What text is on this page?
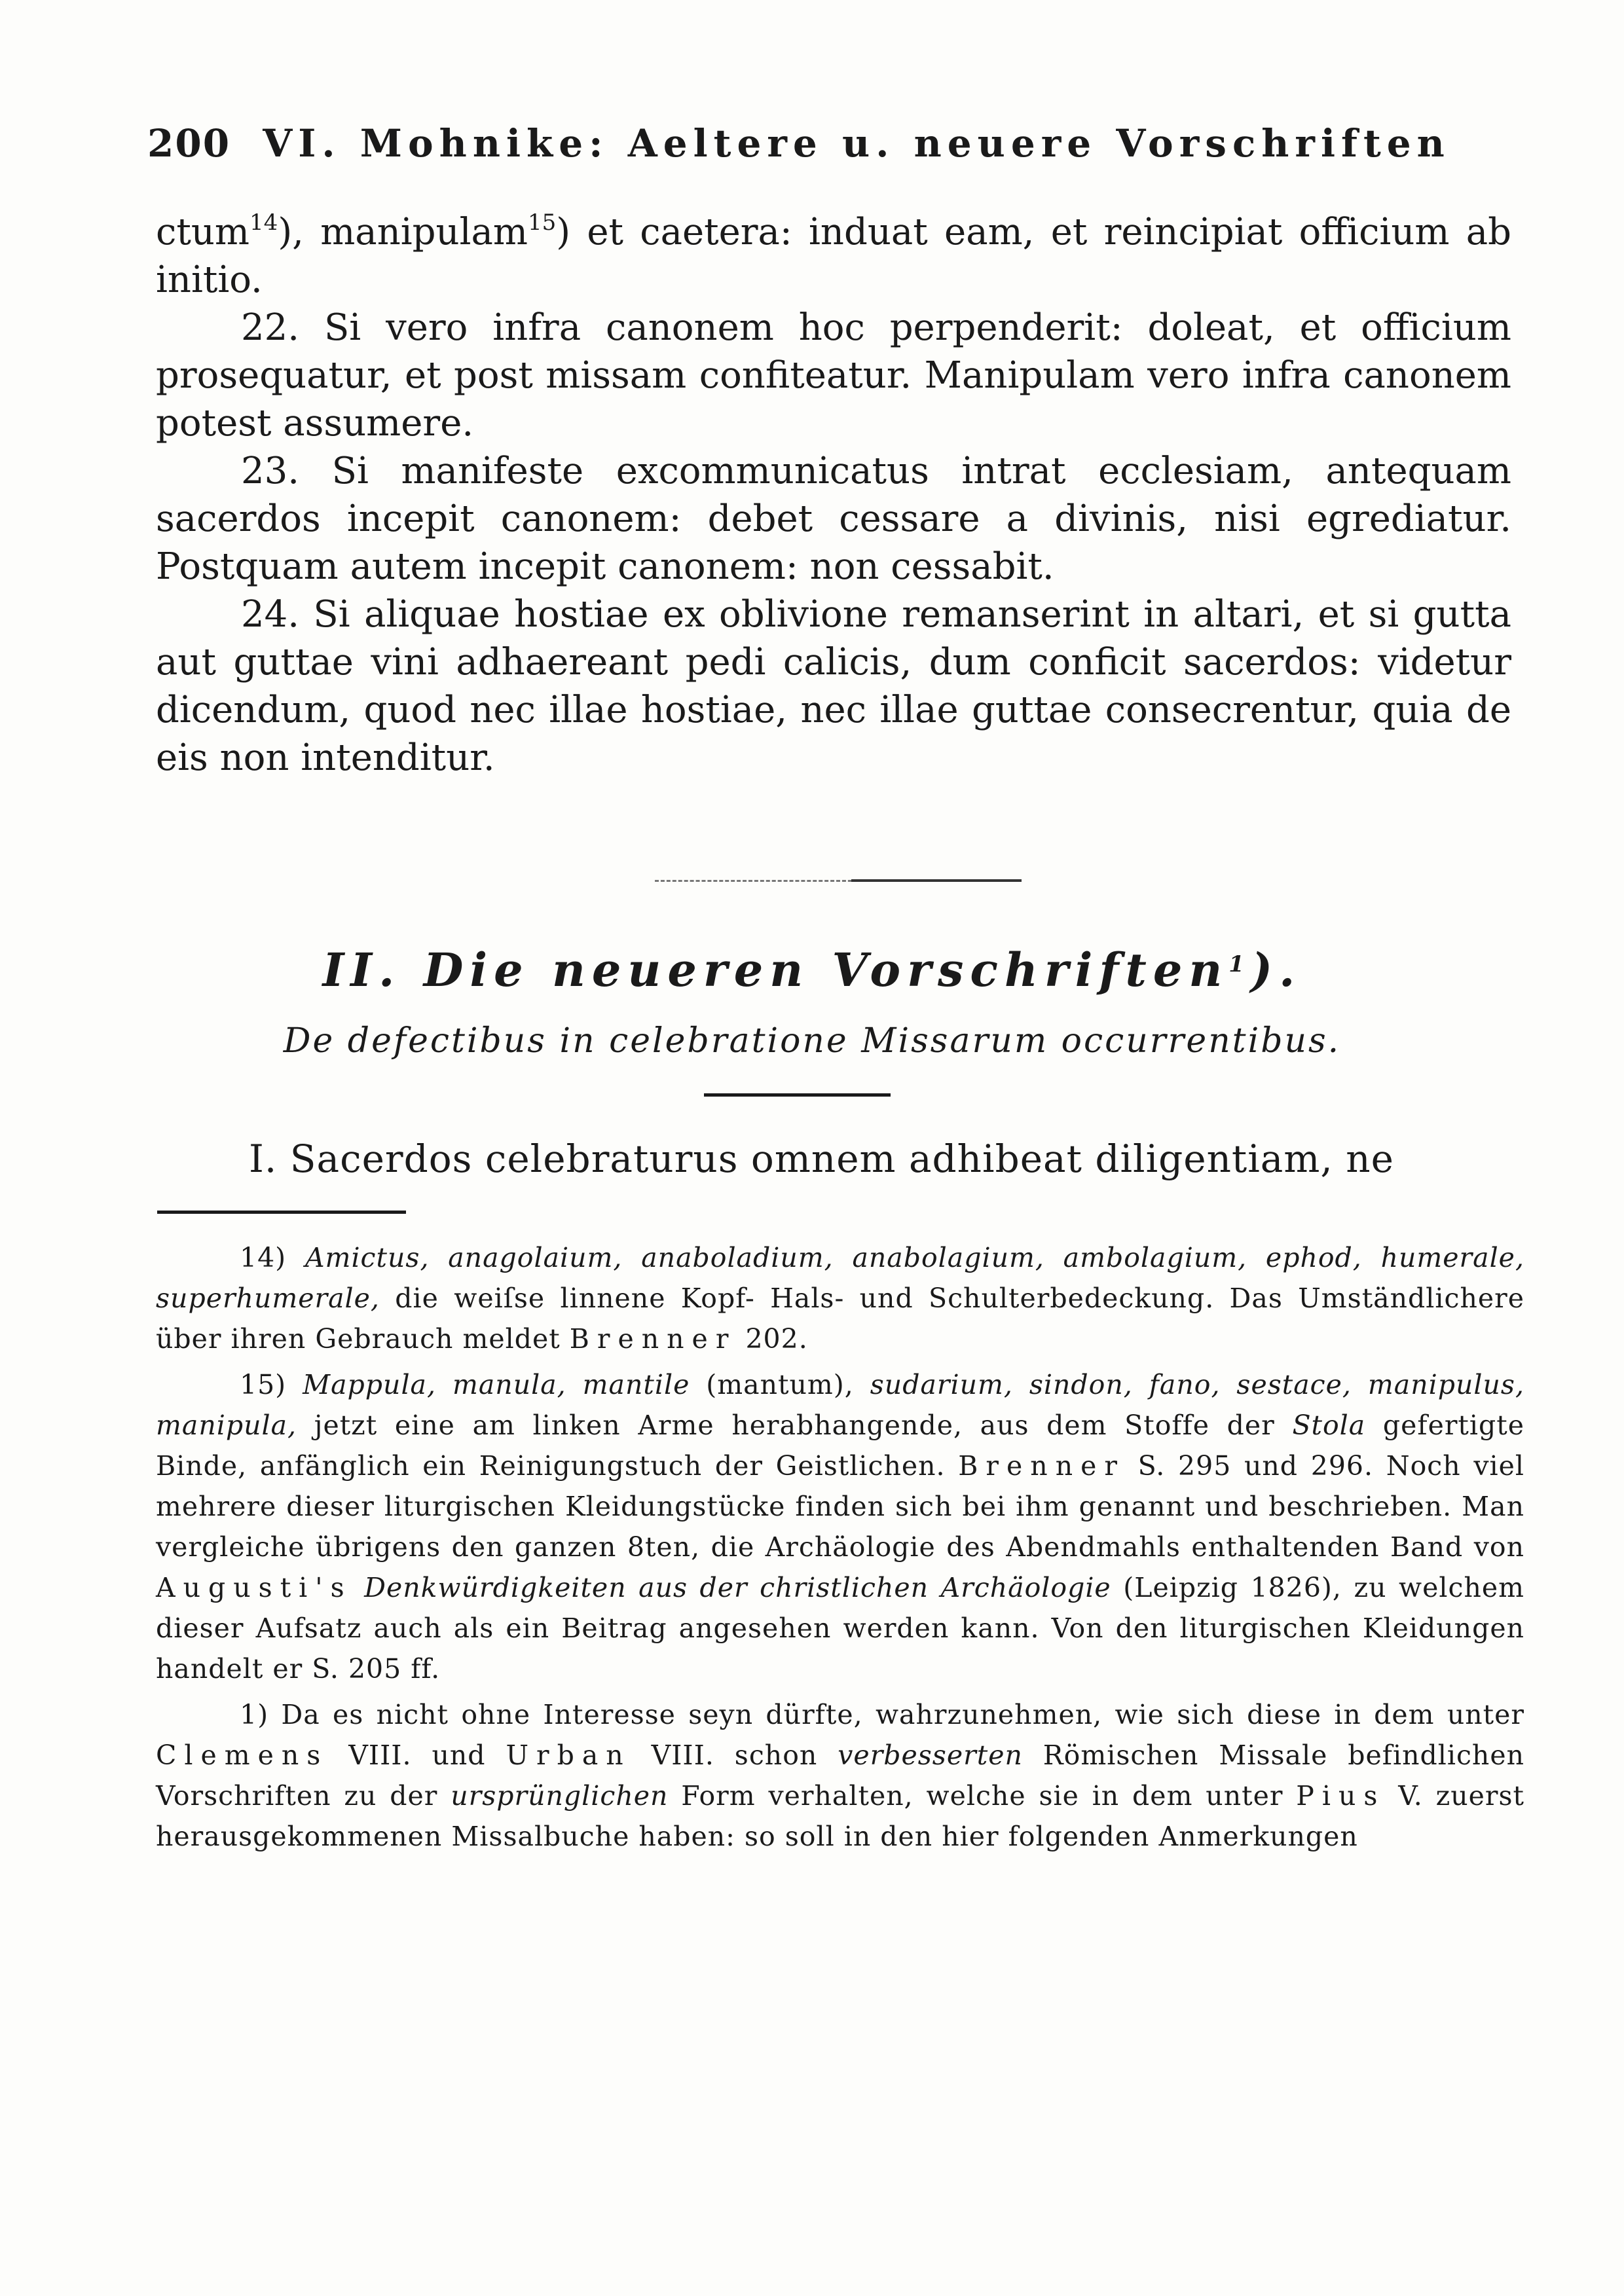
200 VI. Mohnike: Aeltere u. neuere Vorschriften

ctum$^{14}$), manipulam$^{15}$) et caetera: induat eam, et reincipiat officium ab initio.

22. Si vero infra canonem hoc perpenderit: doleat, et officium prosequatur, et post missam confiteatur. Manipulam vero infra canonem potest assumere.

23. Si manifeste excommunicatus intrat ecclesiam, antequam sacerdos incepit canonem: debet cessare a divinis, nisi egrediatur. Postquam autem incepit canonem: non cessabit.

24. Si aliquae hostiae ex oblivione remanserint in altari, et si gutta aut guttae vini adhaereant pedi calicis, dum conficit sacerdos: videtur dicendum, quod nec illae hostiae, nec illae guttae consecrentur, quia de eis non intenditur.

II. Die neueren Vorschriften$^1$).
De defectibus in celebratione Missarum occurrentibus.

I. Sacerdos celebraturus omnem adhibeat diligentiam, ne

14) Amictus, anagolaium, anaboladium, anabolagium, ambolagium, ephod, humerale, superhumerale, die weiſse linnene Kopf- Hals- und Schulterbedeckung. Das Umständlichere über ihren Gebrauch meldet Brenner 202.

15) Mappula, manula, mantile (mantum), sudarium, sindon, fano, sestace, manipulus, manipula, jetzt eine am linken Arme herabhangende, aus dem Stoffe der Stola gefertigte Binde, anfänglich ein Reinigungstuch der Geistlichen. Brenner S. 295 und 296. Noch viel mehrere dieser liturgischen Kleidungstücke finden sich bei ihm genannt und beschrieben. Man vergleiche übrigens den ganzen 8ten, die Archäologie des Abendmahls enthaltenden Band von Augusti's Denkwürdigkeiten aus der christlichen Archäologie (Leipzig 1826), zu welchem dieser Aufsatz auch als ein Beitrag angesehen werden kann. Von den liturgischen Kleidungen handelt er S. 205 ff.

1) Da es nicht ohne Interesse seyn dürfte, wahrzunehmen, wie sich diese in dem unter Clemens VIII. und Urban VIII. schon verbesserten Römischen Missale befindlichen Vorschriften zu der ursprünglichen Form verhalten, welche sie in dem unter Pius V. zuerst herausgekommenen Missalbuche haben: so soll in den hier folgenden Anmerkungen
